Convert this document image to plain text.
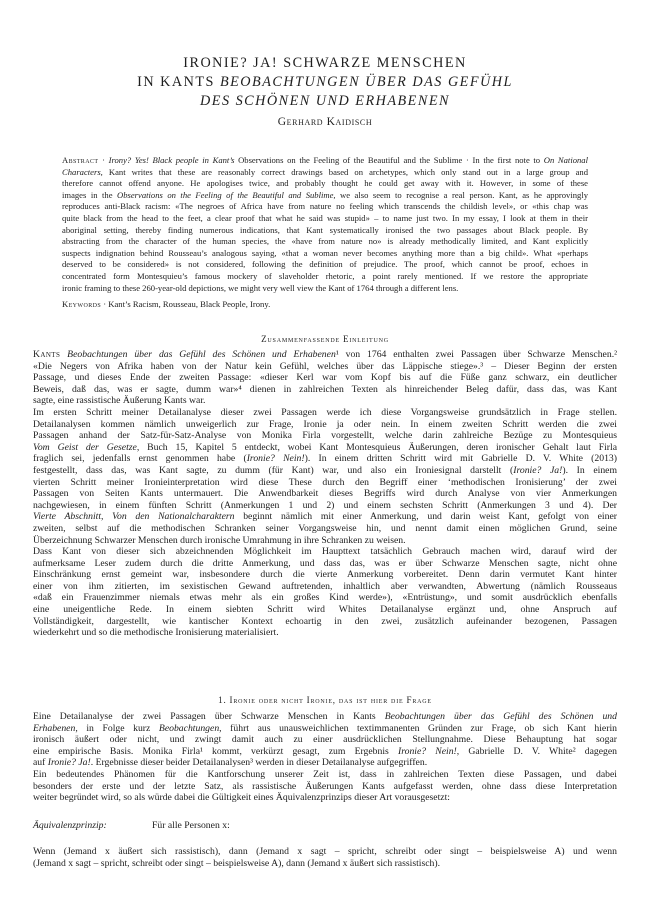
IRONIE? JA! SCHWARZE MENSCHEN
IN KANTS BEOBACHTUNGEN ÜBER DAS GEFÜHL
DES SCHÖNEN UND ERHABENEN
Gerhard Kaidisch
Abstract · Irony? Yes! Black people in Kant’s Observations on the Feeling of the Beautiful and the Sublime · In the first note to On National
Characters, Kant writes that these are reasonably correct drawings based on archetypes, which only stand out in a large group and
therefore cannot offend anyone. He apologises twice, and probably thought he could get away with it. However, in some of these
images in the Observations on the Feeling of the Beautiful and Sublime, we also seem to recognise a real person. Kant, as he approvingly
reproduces anti-Black racism: «The negroes of Africa have from nature no feeling which transcends the childish level», or «this chap was
quite black from the head to the feet, a clear proof that what he said was stupid» – to name just two. In my essay, I look at them in their
aboriginal setting, thereby finding numerous indications, that Kant systematically ironised the two passages about Black people. By
abstracting from the character of the human species, the «have from nature no» is already methodically limited, and Kant explicitly
suspects indignation behind Rousseau’s analogous saying, «that a woman never becomes anything more than a big child». What «perhaps
deserved to be considered» is not considered, following the definition of prejudice. The proof, which cannot be proof, echoes in
concentrated form Montesquieu’s famous mockery of slaveholder rhetoric, a point rarely mentioned. If we restore the appropriate
ironic framing to these 260-year-old depictions, we might very well view the Kant of 1764 through a different lens.
Keywords · Kant’s Racism, Rousseau, Black People, Irony.
Zusammenfassende Einleitung
Kants Beobachtungen über das Gefühl des Schönen und Erhabenen¹ von 1764 enthalten zwei Passagen über Schwarze Menschen.²
«Die Negers von Afrika haben von der Natur kein Gefühl, welches über das Läppische stiege».³ – Dieser Beginn der ersten
Passage, und dieses Ende der zweiten Passage: «dieser Kerl war vom Kopf bis auf die Füße ganz schwarz, ein deutlicher
Beweis, daß das, was er sagte, dumm war»⁴ dienen in zahlreichen Texten als hinreichender Beleg dafür, dass das, was Kant
sagte, eine rassistische Äußerung Kants war.
Im ersten Schritt meiner Detailanalyse dieser zwei Passagen werde ich diese Vorgangsweise grundsätzlich in Frage stellen.
Detailanalysen kommen nämlich unweigerlich zur Frage, Ironie ja oder nein. In einem zweiten Schritt werden die zwei
Passagen anhand der Satz-für-Satz-Analyse von Monika Firla vorgestellt, welche darin zahlreiche Bezüge zu Montesquieus
Vom Geist der Gesetze, Buch 15, Kapitel 5 entdeckt, wobei Kant Montesquieus Äußerungen, deren ironischer Gehalt laut Firla
fraglich sei, jedenfalls ernst genommen habe (Ironie? Nein!). In einem dritten Schritt wird mit Gabrielle D. V. White (2013)
festgestellt, dass das, was Kant sagte, zu dumm (für Kant) war, und also ein Ironiesignal darstellt (Ironie? Ja!). In einem
vierten Schritt meiner Ironieinterpretation wird diese These durch den Begriff einer ‘methodischen Ironisierung’ der zwei
Passagen von Seiten Kants untermauert. Die Anwendbarkeit dieses Begriffs wird durch Analyse von vier Anmerkungen
nachgewiesen, in einem fünften Schritt (Anmerkungen 1 und 2) und einem sechsten Schritt (Anmerkungen 3 und 4). Der
Vierte Abschnitt, Von den Nationalcharaktern beginnt nämlich mit einer Anmerkung, und darin weist Kant, gefolgt von einer
zweiten, selbst auf die methodischen Schranken seiner Vorgangsweise hin, und nennt damit einen möglichen Grund, seine
Überzeichnung Schwarzer Menschen durch ironische Umrahmung in ihre Schranken zu weisen.
Dass Kant von dieser sich abzeichnenden Möglichkeit im Haupttext tatsächlich Gebrauch machen wird, darauf wird der
aufmerksame Leser zudem durch die dritte Anmerkung, und dass das, was er über Schwarze Menschen sagte, nicht ohne
Einschränkung ernst gemeint war, insbesondere durch die vierte Anmerkung vorbereitet. Denn darin vermutet Kant hinter
einer von ihm zitierten, im sexistischen Gewand auftretenden, inhaltlich aber verwandten, Abwertung (nämlich Rousseaus
«daß ein Frauenzimmer niemals etwas mehr als ein großes Kind werde»), «Entrüstung», und somit ausdrücklich ebenfalls
eine uneigentliche Rede. In einem siebten Schritt wird Whites Detailanalyse ergänzt und, ohne Anspruch auf
Vollständigkeit, dargestellt, wie kantischer Kontext echoartig in den zwei, zusätzlich aufeinander bezogenen, Passagen
wiederkehrt und so die methodische Ironisierung materialisiert.
1. Ironie oder nicht Ironie, das ist hier die Frage
Eine Detailanalyse der zwei Passagen über Schwarze Menschen in Kants Beobachtungen über das Gefühl des Schönen und
Erhabenen, in Folge kurz Beobachtungen, führt aus unausweichlichen textimmanenten Gründen zur Frage, ob sich Kant hierin
ironisch äußert oder nicht, und zwingt damit auch zu einer ausdrücklichen Stellungnahme. Diese Behauptung hat sogar
eine empirische Basis. Monika Firla¹ kommt, verkürzt gesagt, zum Ergebnis Ironie? Nein!, Gabrielle D. V. White² dagegen
auf Ironie? Ja!. Ergebnisse dieser beider Detailanalysen³ werden in dieser Detailanalyse aufgegriffen.
Ein bedeutendes Phänomen für die Kantforschung unserer Zeit ist, dass in zahlreichen Texten diese Passagen, und dabei
besonders der erste und der letzte Satz, als rassistische Äußerungen Kants aufgefasst werden, ohne dass diese Interpretation
weiter begründet wird, so als würde dabei die Gültigkeit eines Äquivalenzprinzips dieser Art vorausgesetzt:
Äquivalenzprinzip:	Für alle Personen x:
Wenn (Jemand x äußert sich rassistisch), dann (Jemand x sagt – spricht, schreibt oder singt – beispielsweise A) und wenn
(Jemand x sagt – spricht, schreibt oder singt – beispielsweise A), dann (Jemand x äußert sich rassistisch).
